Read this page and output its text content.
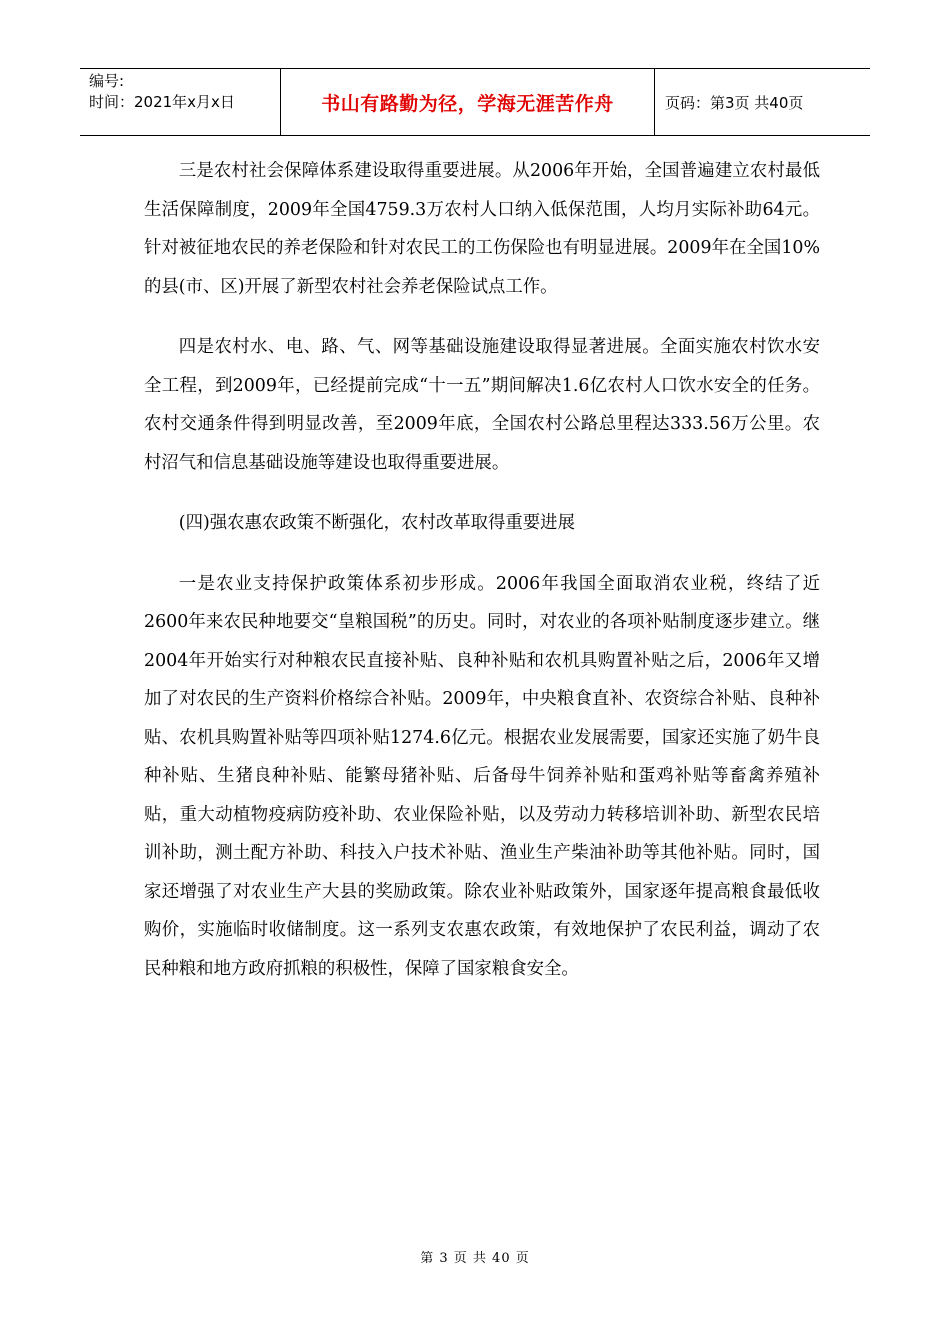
编号:
时间：2021年x月x日	书山有路勤为径，学海无涯苦作舟	页码：第3页 共40页

三是农村社会保障体系建设取得重要进展。从2006年开始，全国普遍建立农村最低生活保障制度，2009年全国4759.3万农村人口纳入低保范围，人均月实际补助64元。针对被征地农民的养老保险和针对农民工的工伤保险也有明显进展。2009年在全国10%的县(市、区)开展了新型农村社会养老保险试点工作。

四是农村水、电、路、气、网等基础设施建设取得显著进展。全面实施农村饮水安全工程，到2009年，已经提前完成“十一五”期间解决1.6亿农村人口饮水安全的任务。农村交通条件得到明显改善，至2009年底，全国农村公路总里程达333.56万公里。农村沼气和信息基础设施等建设也取得重要进展。

(四)强农惠农政策不断强化，农村改革取得重要进展

一是农业支持保护政策体系初步形成。2006年我国全面取消农业税，终结了近2600年来农民种地要交“皇粮国税”的历史。同时，对农业的各项补贴制度逐步建立。继2004年开始实行对种粮农民直接补贴、良种补贴和农机具购置补贴之后，2006年又增加了对农民的生产资料价格综合补贴。2009年，中央粮食直补、农资综合补贴、良种补贴、农机具购置补贴等四项补贴1274.6亿元。根据农业发展需要，国家还实施了奶牛良种补贴、生猪良种补贴、能繁母猪补贴、后备母牛饲养补贴和蛋鸡补贴等畜禽养殖补贴，重大动植物疫病防疫补助、农业保险补贴，以及劳动力转移培训补助、新型农民培训补助，测土配方补助、科技入户技术补贴、渔业生产柴油补助等其他补贴。同时，国家还增强了对农业生产大县的奖励政策。除农业补贴政策外，国家逐年提高粮食最低收购价，实施临时收储制度。这一系列支农惠农政策，有效地保护了农民利益，调动了农民种粮和地方政府抓粮的积极性，保障了国家粮食安全。

第 3 页 共 40 页
